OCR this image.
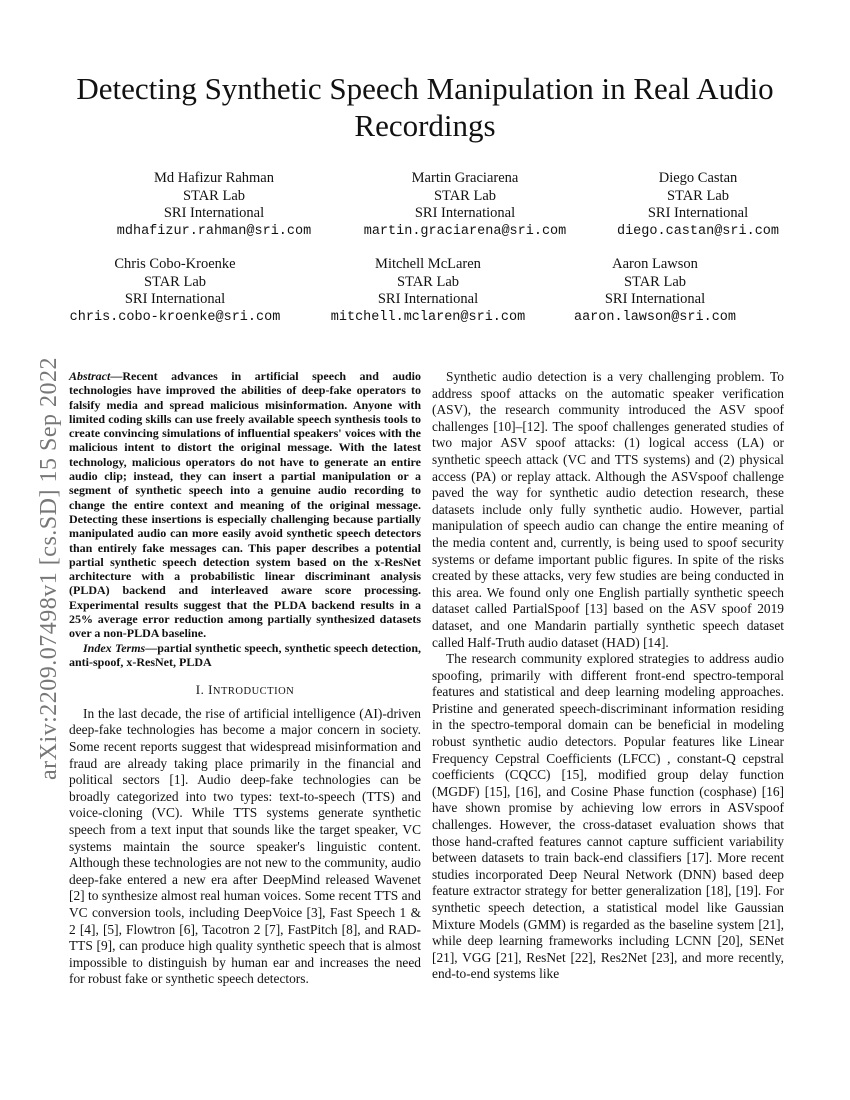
arXiv:2209.07498v1 [cs.SD] 15 Sep 2022
Detecting Synthetic Speech Manipulation in Real Audio Recordings
Md Hafizur Rahman
STAR Lab
SRI International
mdhafizur.rahman@sri.com
Martin Graciarena
STAR Lab
SRI International
martin.graciarena@sri.com
Diego Castan
STAR Lab
SRI International
diego.castan@sri.com
Chris Cobo-Kroenke
STAR Lab
SRI International
chris.cobo-kroenke@sri.com
Mitchell McLaren
STAR Lab
SRI International
mitchell.mclaren@sri.com
Aaron Lawson
STAR Lab
SRI International
aaron.lawson@sri.com
Abstract—Recent advances in artificial speech and audio technologies have improved the abilities of deep-fake operators to falsify media and spread malicious misinformation. Anyone with limited coding skills can use freely available speech synthesis tools to create convincing simulations of influential speakers' voices with the malicious intent to distort the original message. With the latest technology, malicious operators do not have to generate an entire audio clip; instead, they can insert a partial manipulation or a segment of synthetic speech into a genuine audio recording to change the entire context and meaning of the original message. Detecting these insertions is especially challenging because partially manipulated audio can more easily avoid synthetic speech detectors than entirely fake messages can. This paper describes a potential partial synthetic speech detection system based on the x-ResNet architecture with a probabilistic linear discriminant analysis (PLDA) backend and interleaved aware score processing. Experimental results suggest that the PLDA backend results in a 25% average error reduction among partially synthesized datasets over a non-PLDA baseline.
Index Terms—partial synthetic speech, synthetic speech detection, anti-spoof, x-ResNet, PLDA
I. INTRODUCTION

In the last decade, the rise of artificial intelligence (AI)-driven deep-fake technologies has become a major concern in society. Some recent reports suggest that widespread misinformation and fraud are already taking place primarily in the financial and political sectors [1]. Audio deep-fake technologies can be broadly categorized into two types: text-to-speech (TTS) and voice-cloning (VC). While TTS systems generate synthetic speech from a text input that sounds like the target speaker, VC systems maintain the source speaker's linguistic content. Although these technologies are not new to the community, audio deep-fake entered a new era after DeepMind released Wavenet [2] to synthesize almost real human voices. Some recent TTS and VC conversion tools, including DeepVoice [3], Fast Speech 1 & 2 [4], [5], Flowtron [6], Tacotron 2 [7], FastPitch [8], and RAD-TTS [9], can produce high quality synthetic speech that is almost impossible to distinguish by human ear and increases the need for robust fake or synthetic speech detectors.

Synthetic audio detection is a very challenging problem. To address spoof attacks on the automatic speaker verification (ASV), the research community introduced the ASV spoof challenges [10]–[12]. The spoof challenges generated studies of two major ASV spoof attacks: (1) logical access (LA) or synthetic speech attack (VC and TTS systems) and (2) physical access (PA) or replay attack. Although the ASVspoof challenge paved the way for synthetic audio detection research, these datasets include only fully synthetic audio. However, partial manipulation of speech audio can change the entire meaning of the media content and, currently, is being used to spoof security systems or defame important public figures. In spite of the risks created by these attacks, very few studies are being conducted in this area. We found only one English partially synthetic speech dataset called PartialSpoof [13] based on the ASV spoof 2019 dataset, and one Mandarin partially synthetic speech dataset called Half-Truth audio dataset (HAD) [14].

The research community explored strategies to address audio spoofing, primarily with different front-end spectro-temporal features and statistical and deep learning modeling approaches. Pristine and generated speech-discriminant information residing in the spectro-temporal domain can be beneficial in modeling robust synthetic audio detectors. Popular features like Linear Frequency Cepstral Coefficients (LFCC) , constant-Q cepstral coefficients (CQCC) [15], modified group delay function (MGDF) [15], [16], and Cosine Phase function (cosphase) [16] have shown promise by achieving low errors in ASVspoof challenges. However, the cross-dataset evaluation shows that those hand-crafted features cannot capture sufficient variability between datasets to train back-end classifiers [17]. More recent studies incorporated Deep Neural Network (DNN) based deep feature extractor strategy for better generalization [18], [19]. For synthetic speech detection, a statistical model like Gaussian Mixture Models (GMM) is regarded as the baseline system [21], while deep learning frameworks including LCNN [20], SENet [21], VGG [21], ResNet [22], Res2Net [23], and more recently, end-to-end systems like
